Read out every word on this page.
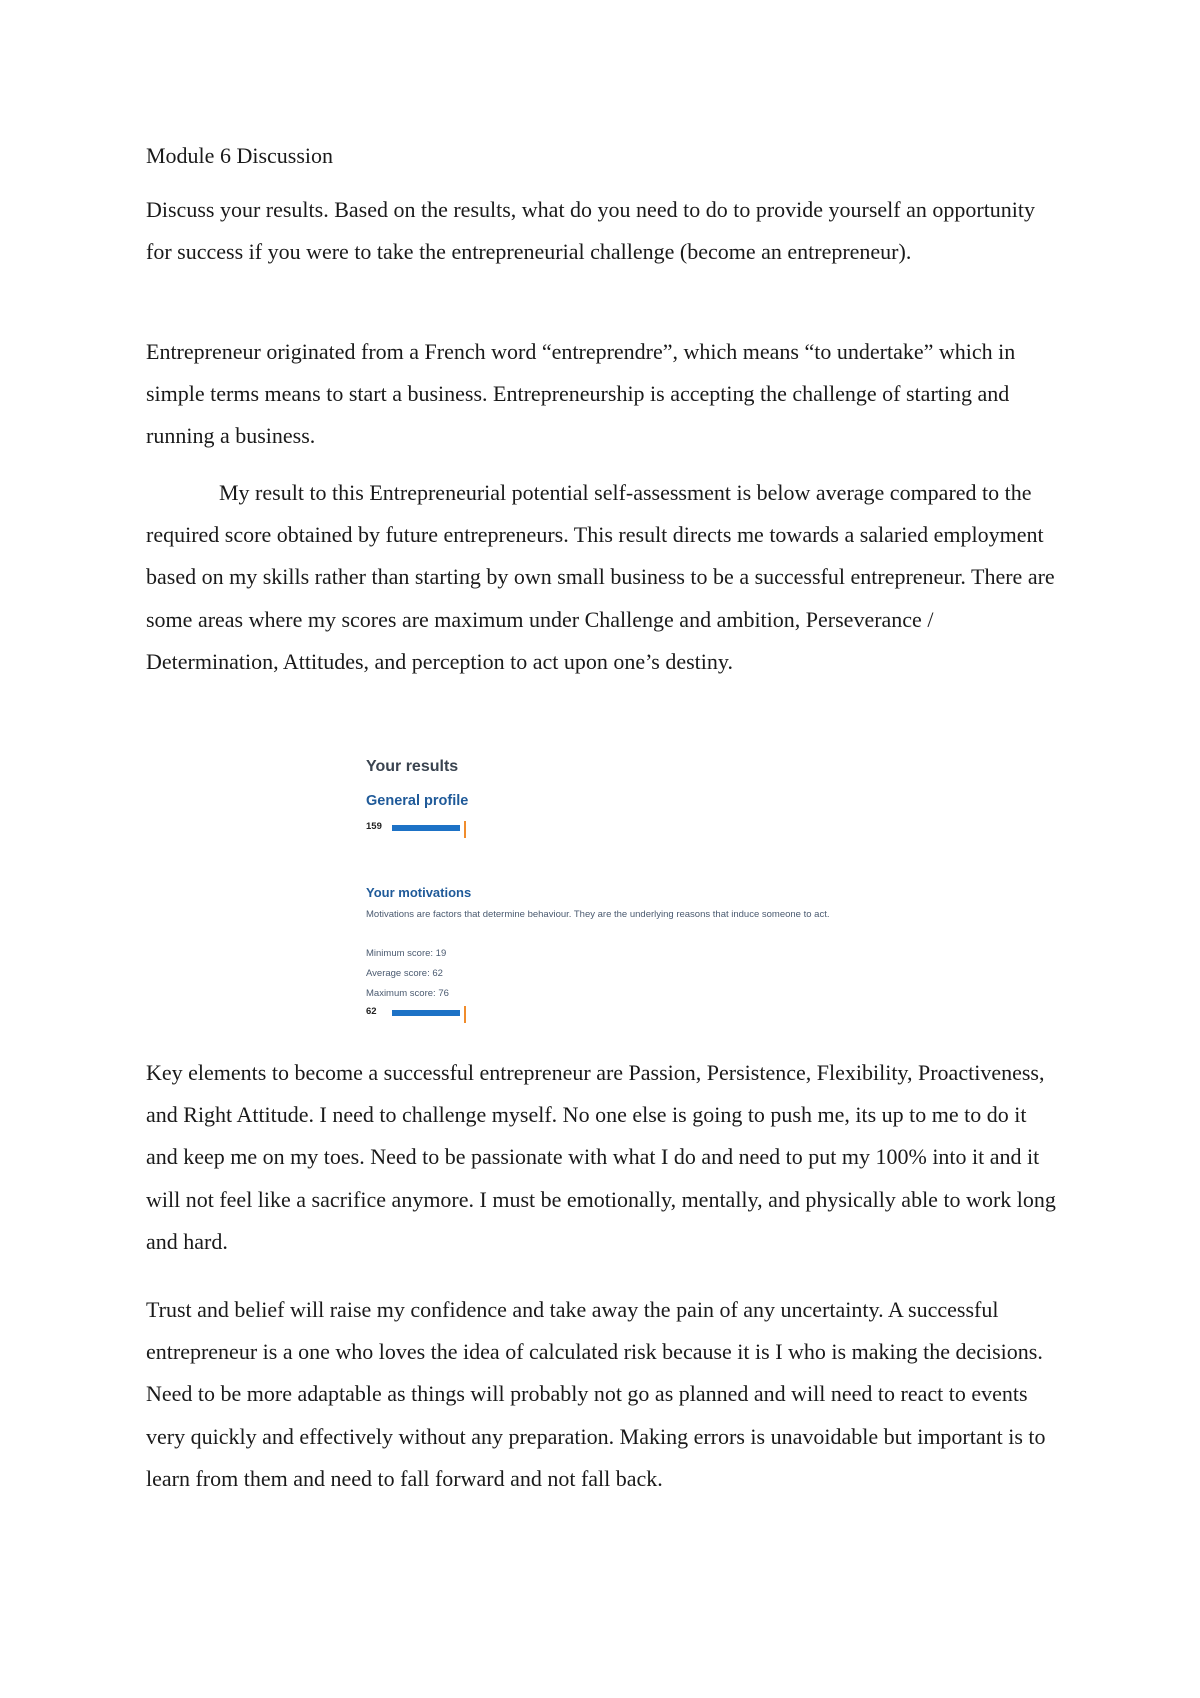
Module 6 Discussion
Discuss your results. Based on the results, what do you need to do to provide yourself an opportunity for success if you were to take the entrepreneurial challenge (become an entrepreneur).
Entrepreneur originated from a French word “entreprendre”, which means “to undertake” which in simple terms means to start a business. Entrepreneurship is accepting the challenge of starting and running a business.
My result to this Entrepreneurial potential self-assessment is below average compared to the required score obtained by future entrepreneurs. This result directs me towards a salaried employment based on my skills rather than starting by own small business to be a successful entrepreneur. There are some areas where my scores are maximum under Challenge and ambition, Perseverance / Determination, Attitudes, and perception to act upon one’s destiny.
Your results
General profile
159
Your motivations
Motivations are factors that determine behaviour. They are the underlying reasons that induce someone to act.
Minimum score: 19
Average score: 62
Maximum score: 76
62
Key elements to become a successful entrepreneur are Passion, Persistence, Flexibility, Proactiveness, and Right Attitude. I need to challenge myself. No one else is going to push me, its up to me to do it and keep me on my toes. Need to be passionate with what I do and need to put my 100% into it and it will not feel like a sacrifice anymore. I must be emotionally, mentally, and physically able to work long and hard.
Trust and belief will raise my confidence and take away the pain of any uncertainty. A successful entrepreneur is a one who loves the idea of calculated risk because it is I who is making the decisions. Need to be more adaptable as things will probably not go as planned and will need to react to events very quickly and effectively without any preparation. Making errors is unavoidable but important is to learn from them and need to fall forward and not fall back.
